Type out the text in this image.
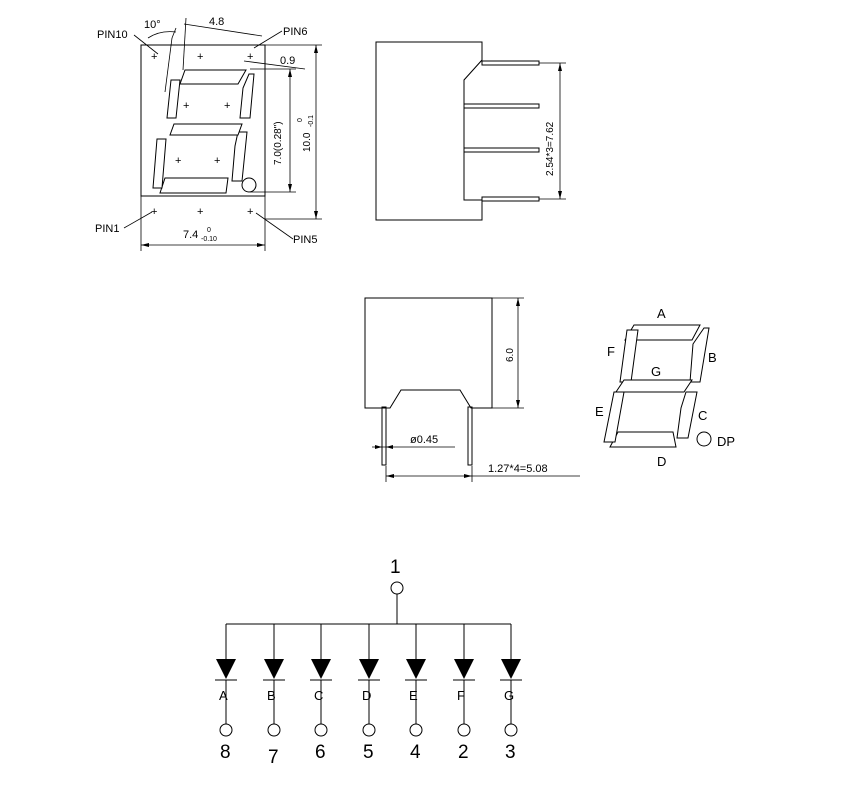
+	+	+
+	+
+	+
+	+	+
10°	4.8
0.9
PIN10	PIN6
PIN1
PIN5
7.0(0.28") 10.0
0 -0.1
7.4 0
-0.10
2.54*3=7.62
6.0
ø0.45
1.27*4=5.08
A
B
C
D
E
F
G
DP
1
A
8
B
7
C
6
D
5
E
4
F
2
G
3
